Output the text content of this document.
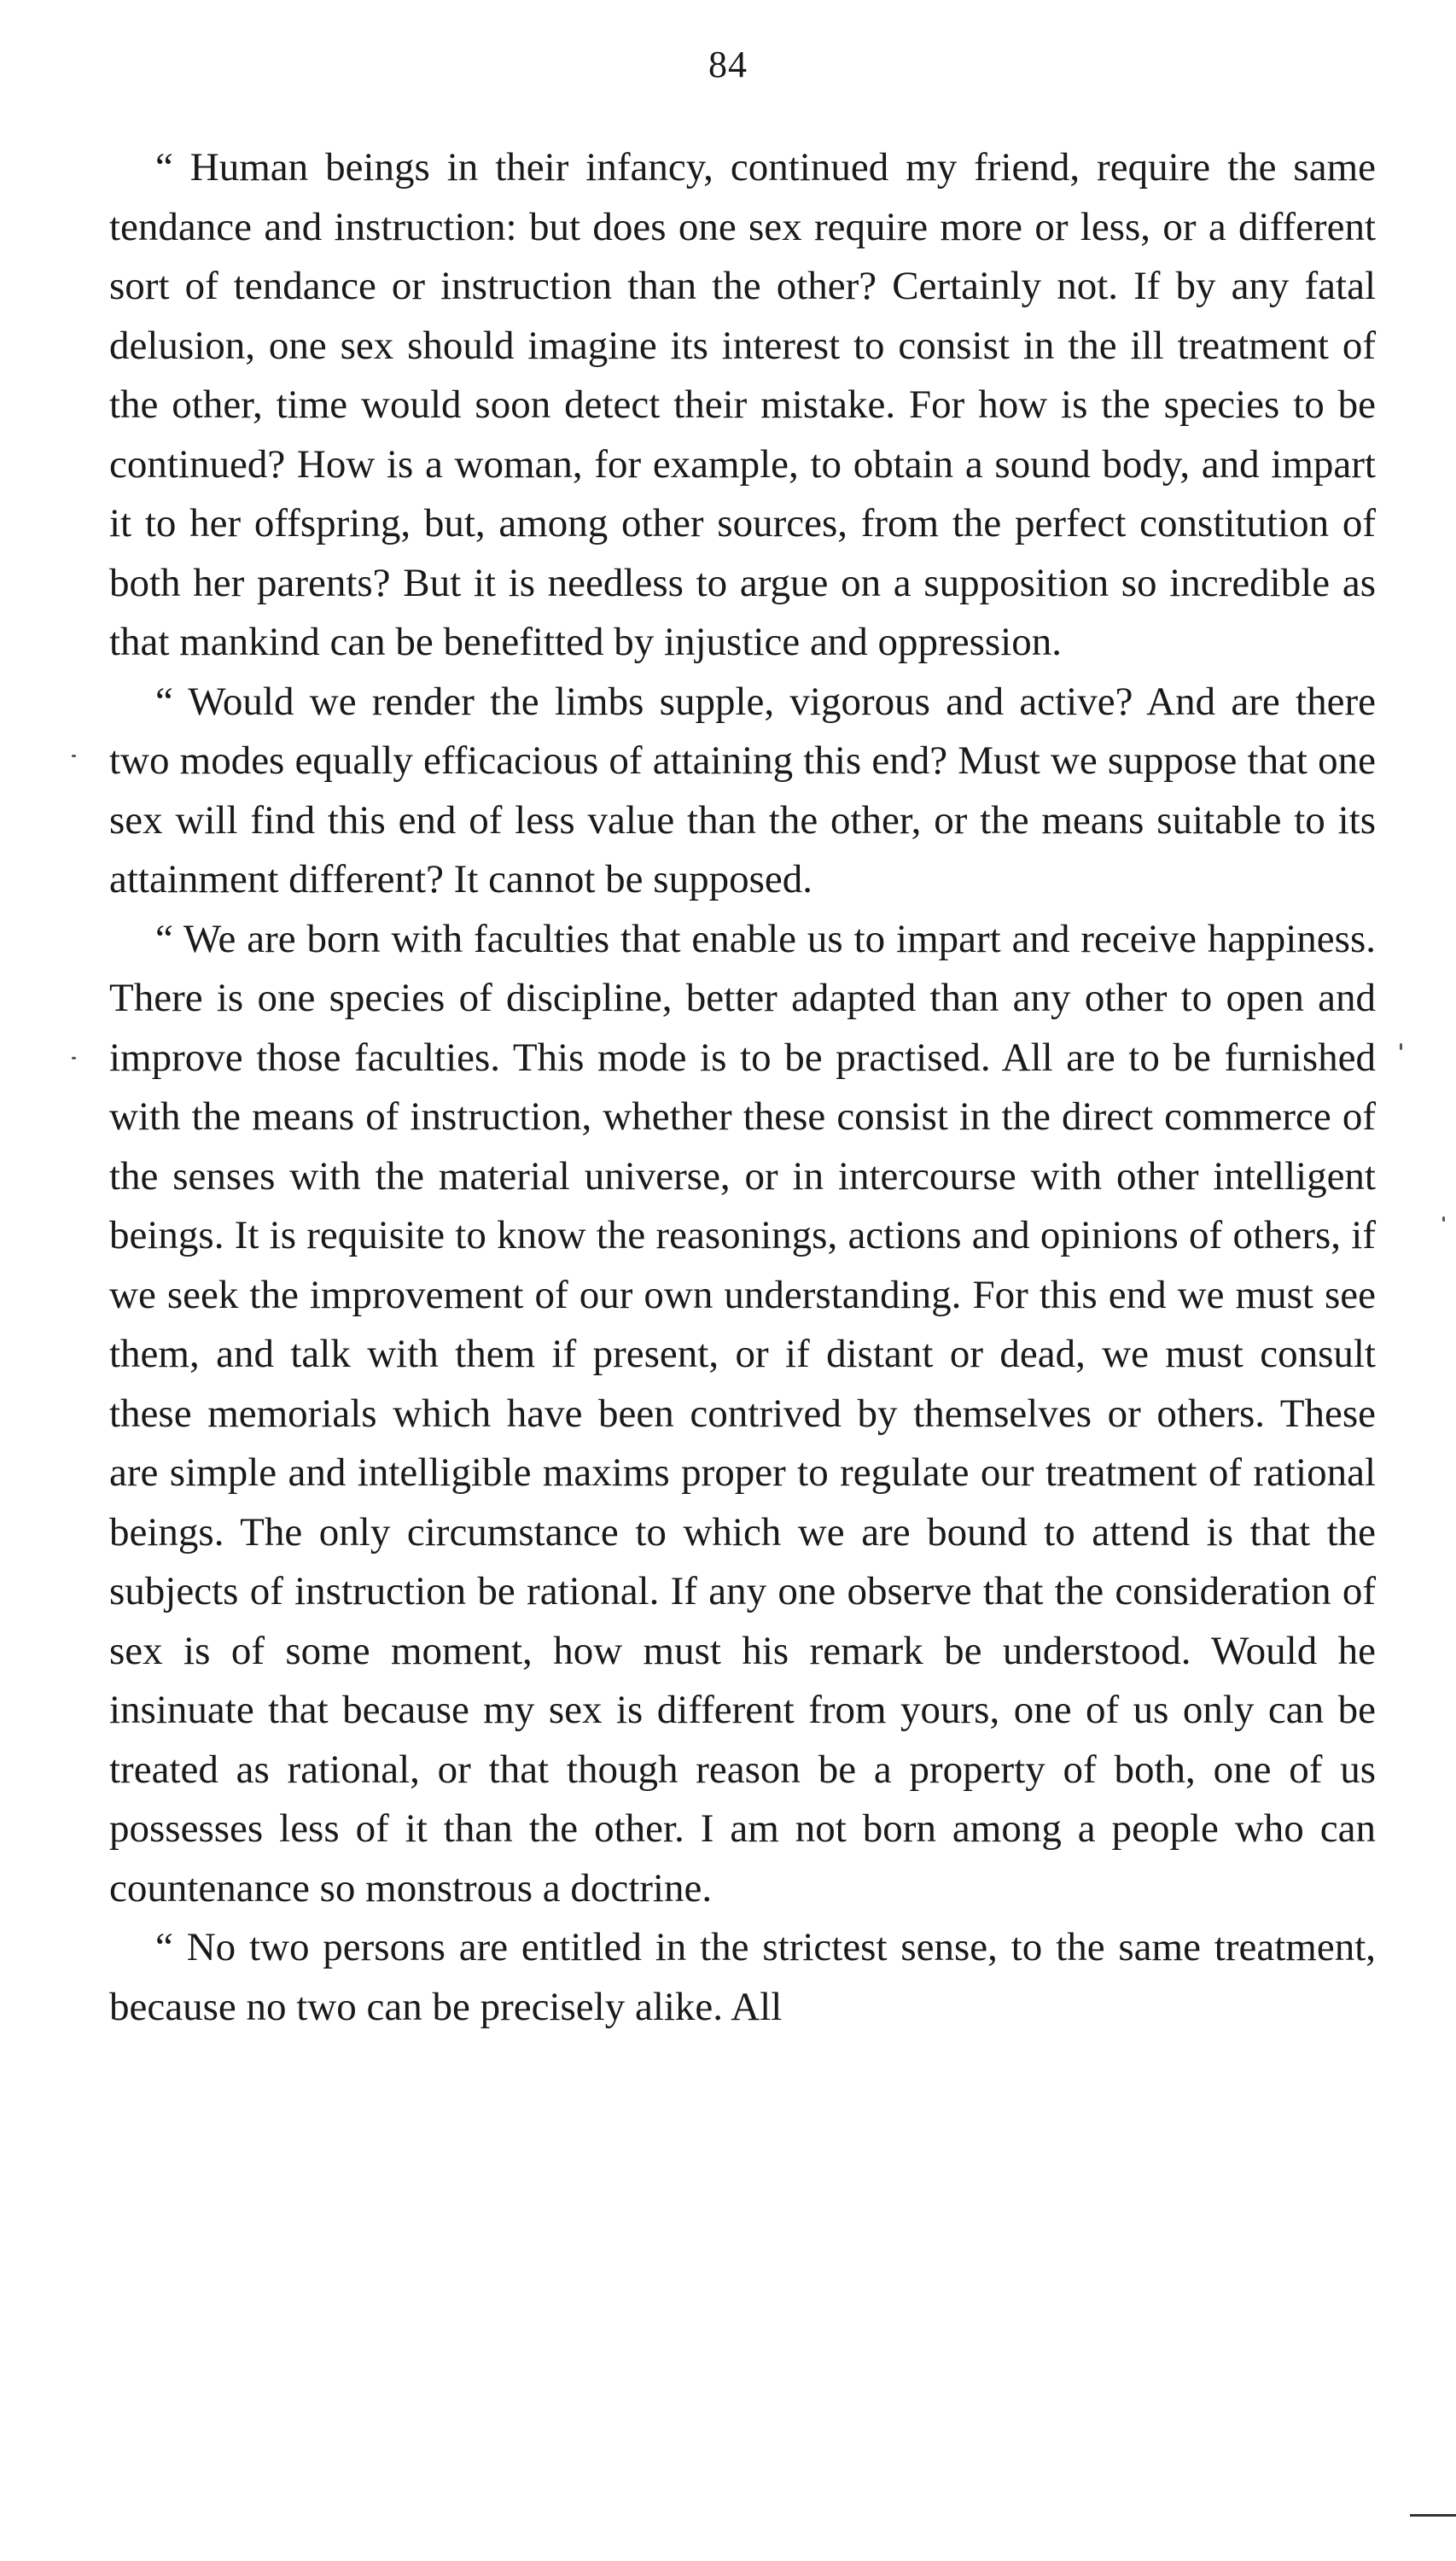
84

“ Human beings in their infancy, continued my friend, require the same tendance and instruction: but does one sex require more or less, or a different sort of tendance or instruction than the other? Certainly not. If by any fatal delusion, one sex should imagine its interest to consist in the ill treatment of the other, time would soon detect their mistake. For how is the species to be continued? How is a woman, for example, to obtain a sound body, and impart it to her offspring, but, among other sources, from the perfect constitution of both her parents? But it is needless to argue on a supposition so incredible as that mankind can be benefitted by injustice and oppression.

“ Would we render the limbs supple, vigorous and active? And are there two modes equally efficacious of attaining this end? Must we suppose that one sex will find this end of less value than the other, or the means suitable to its attainment different? It cannot be supposed.

“ We are born with faculties that enable us to impart and receive happiness. There is one species of discipline, better adapted than any other to open and improve those faculties. This mode is to be practised. All are to be furnished with the means of instruction, whether these consist in the direct commerce of the senses with the material universe, or in intercourse with other intelligent beings. It is requisite to know the reasonings, actions and opinions of others, if we seek the improvement of our own understanding. For this end we must see them, and talk with them if present, or if distant or dead, we must consult these memorials which have been contrived by themselves or others. These are simple and intelligible maxims proper to regulate our treatment of rational beings. The only circumstance to which we are bound to attend is that the subjects of instruction be rational. If any one observe that the consideration of sex is of some moment, how must his remark be understood. Would he insinuate that because my sex is different from yours, one of us only can be treated as rational, or that though reason be a property of both, one of us possesses less of it than the other. I am not born among a people who can countenance so monstrous a doctrine.

“ No two persons are entitled in the strictest sense, to the same treatment, because no two can be precisely alike. All
